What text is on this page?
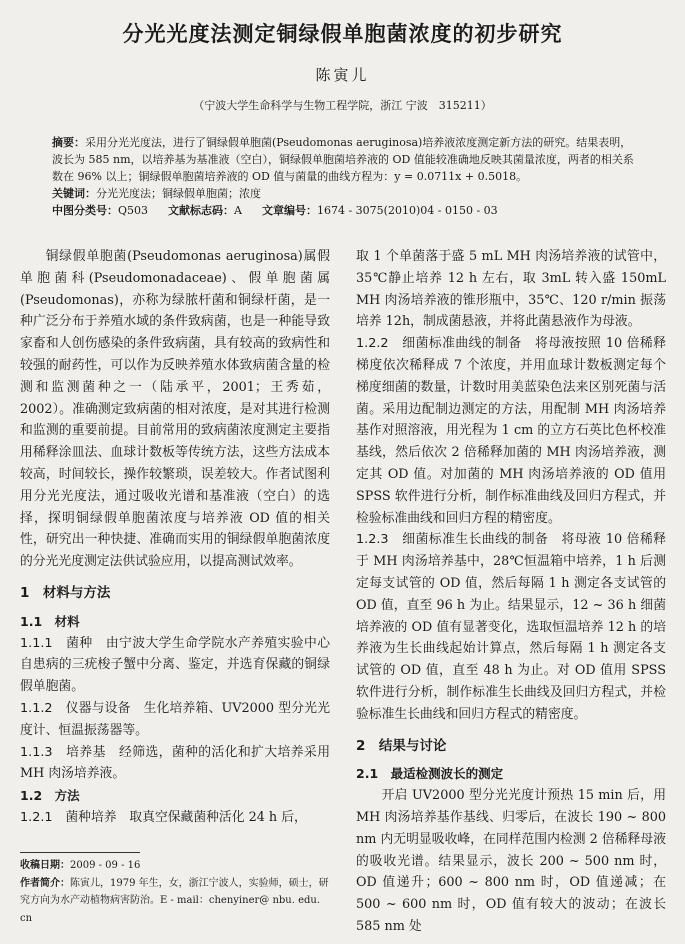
分光光度法测定铜绿假单胞菌浓度的初步研究
陈寅儿
（宁波大学生命科学与生物工程学院，浙江 宁波　315211）

摘要：采用分光光度法，进行了铜绿假单胞菌(Pseudomonas aeruginosa)培养液浓度测定新方法的研究。结果表明，波长为 585 nm，以培养基为基准液（空白），铜绿假单胞菌培养液的 OD 值能较准确地反映其菌量浓度，两者的相关系数在 96% 以上；铜绿假单胞菌培养液的 OD 值与菌量的曲线方程为：y = 0.0711x + 0.5018。

关键词：分光光度法；铜绿假单胞菌；浓度

中图分类号：Q503 文献标志码：A 文章编号：1674 - 3075(2010)04 - 0150 - 03

铜绿假单胞菌(Pseudomonas aeruginosa)属假单胞菌科(Pseudomonadaceae)、假单胞菌属(Pseudomonas)，亦称为绿脓杆菌和铜绿杆菌，是一种广泛分布于养殖水域的条件致病菌，也是一种能导致家畜和人创伤感染的条件致病菌，具有较高的致病性和较强的耐药性，可以作为反映养殖水体致病菌含量的检测和监测菌种之一（陆承平，2001；王秀茹，2002）。准确测定致病菌的相对浓度，是对其进行检测和监测的重要前提。目前常用的致病菌浓度测定主要指用稀释涂皿法、血球计数板等传统方法，这些方法成本较高，时间较长，操作较繁琐，误差较大。作者试图利用分光光度法，通过吸收光谱和基准液（空白）的选择，探明铜绿假单胞菌浓度与培养液 OD 值的相关性，研究出一种快捷、准确而实用的铜绿假单胞菌浓度的分光光度测定法供试验应用，以提高测试效率。

1　材料与方法
1.1　材料

1.1.1　菌种　由宁波大学生命学院水产养殖实验中心自患病的三疣梭子蟹中分离、鉴定，并选育保藏的铜绿假单胞菌。

1.1.2　仪器与设备　生化培养箱、UV2000 型分光光度计、恒温振荡器等。

1.1.3　培养基　经筛选，菌种的活化和扩大培养采用 MH 肉汤培养液。

1.2　方法

1.2.1　菌种培养　取真空保藏菌种活化 24 h 后，

收稿日期：2009 - 09 - 16

作者简介：陈寅儿，1979 年生，女，浙江宁波人，实验师，硕士，研究方向为水产动植物病害防治。E - mail：chenyiner@ nbu. edu. cn

取 1 个单菌落于盛 5 mL MH 肉汤培养液的试管中，35℃静止培养 12 h 左右，取 3mL 转入盛 150mL MH 肉汤培养液的锥形瓶中，35℃、120 r/min 振荡培养 12h，制成菌悬液，并将此菌悬液作为母液。

1.2.2　细菌标准曲线的制备　将母液按照 10 倍稀释梯度依次稀释成 7 个浓度，并用血球计数板测定每个梯度细菌的数量，计数时用美蓝染色法来区别死菌与活菌。采用边配制边测定的方法，用配制 MH 肉汤培养基作对照溶液，用光程为 1 cm 的立方石英比色杯校准基线，然后依次 2 倍稀释加菌的 MH 肉汤培养液，测定其 OD 值。对加菌的 MH 肉汤培养液的 OD 值用 SPSS 软件进行分析，制作标准曲线及回归方程式，并检验标准曲线和回归方程的精密度。

1.2.3　细菌标准生长曲线的制备　将母液 10 倍稀释于 MH 肉汤培养基中，28℃恒温箱中培养，1 h 后测定每支试管的 OD 值，然后每隔 1 h 测定各支试管的 OD 值，直至 96 h 为止。结果显示，12 ~ 36 h 细菌培养液的 OD 值有显著变化，选取恒温培养 12 h 的培养液为生长曲线起始计算点，然后每隔 1 h 测定各支试管的 OD 值，直至 48 h 为止。对 OD 值用 SPSS 软件进行分析，制作标准生长曲线及回归方程式，并检验标准生长曲线和回归方程式的精密度。

2　结果与讨论
2.1　最适检测波长的测定

开启 UV2000 型分光光度计预热 15 min 后，用 MH 肉汤培养基作基线、归零后，在波长 190 ~ 800 nm 内无明显吸收峰，在同样范围内检测 2 倍稀释母液的吸收光谱。结果显示，波长 200 ~ 500 nm 时，OD 值递升；600 ~ 800 nm 时，OD 值递减；在 500 ~ 600 nm 时，OD 值有较大的波动；在波长 585 nm 处
